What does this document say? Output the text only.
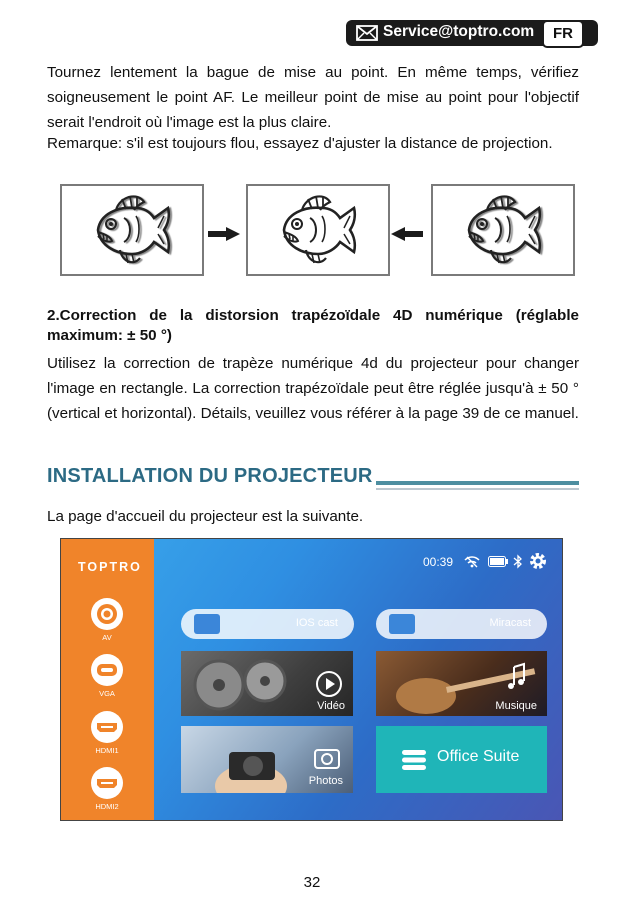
Service@toptro.com	FR

Tournez lentement la bague de mise au point. En même temps, vérifiez soigneusement le point AF. Le meilleur point de mise au point pour l'objectif serait l'endroit où l'image est la plus claire.

Remarque: s'il est toujours flou, essayez d'ajuster la distance de projection.

2.Correction de la distorsion trapézoïdale 4D numérique (réglable maximum: ± 50 °)

Utilisez la correction de trapèze numérique 4d du projecteur pour changer l'image en rectangle. La correction trapézoïdale peut être réglée jusqu'à ± 50 ° (vertical et horizontal). Détails, veuillez vous référer à la page 39 de ce manuel.

INSTALLATION DU PROJECTEUR

La page d'accueil du projecteur est la suivante.

TOPTRO
AV
VGA
HDMI1
HDMI2
00:39
IOS cast	Miracast
Vidéo	Musique
Photos
Office Suite
32
